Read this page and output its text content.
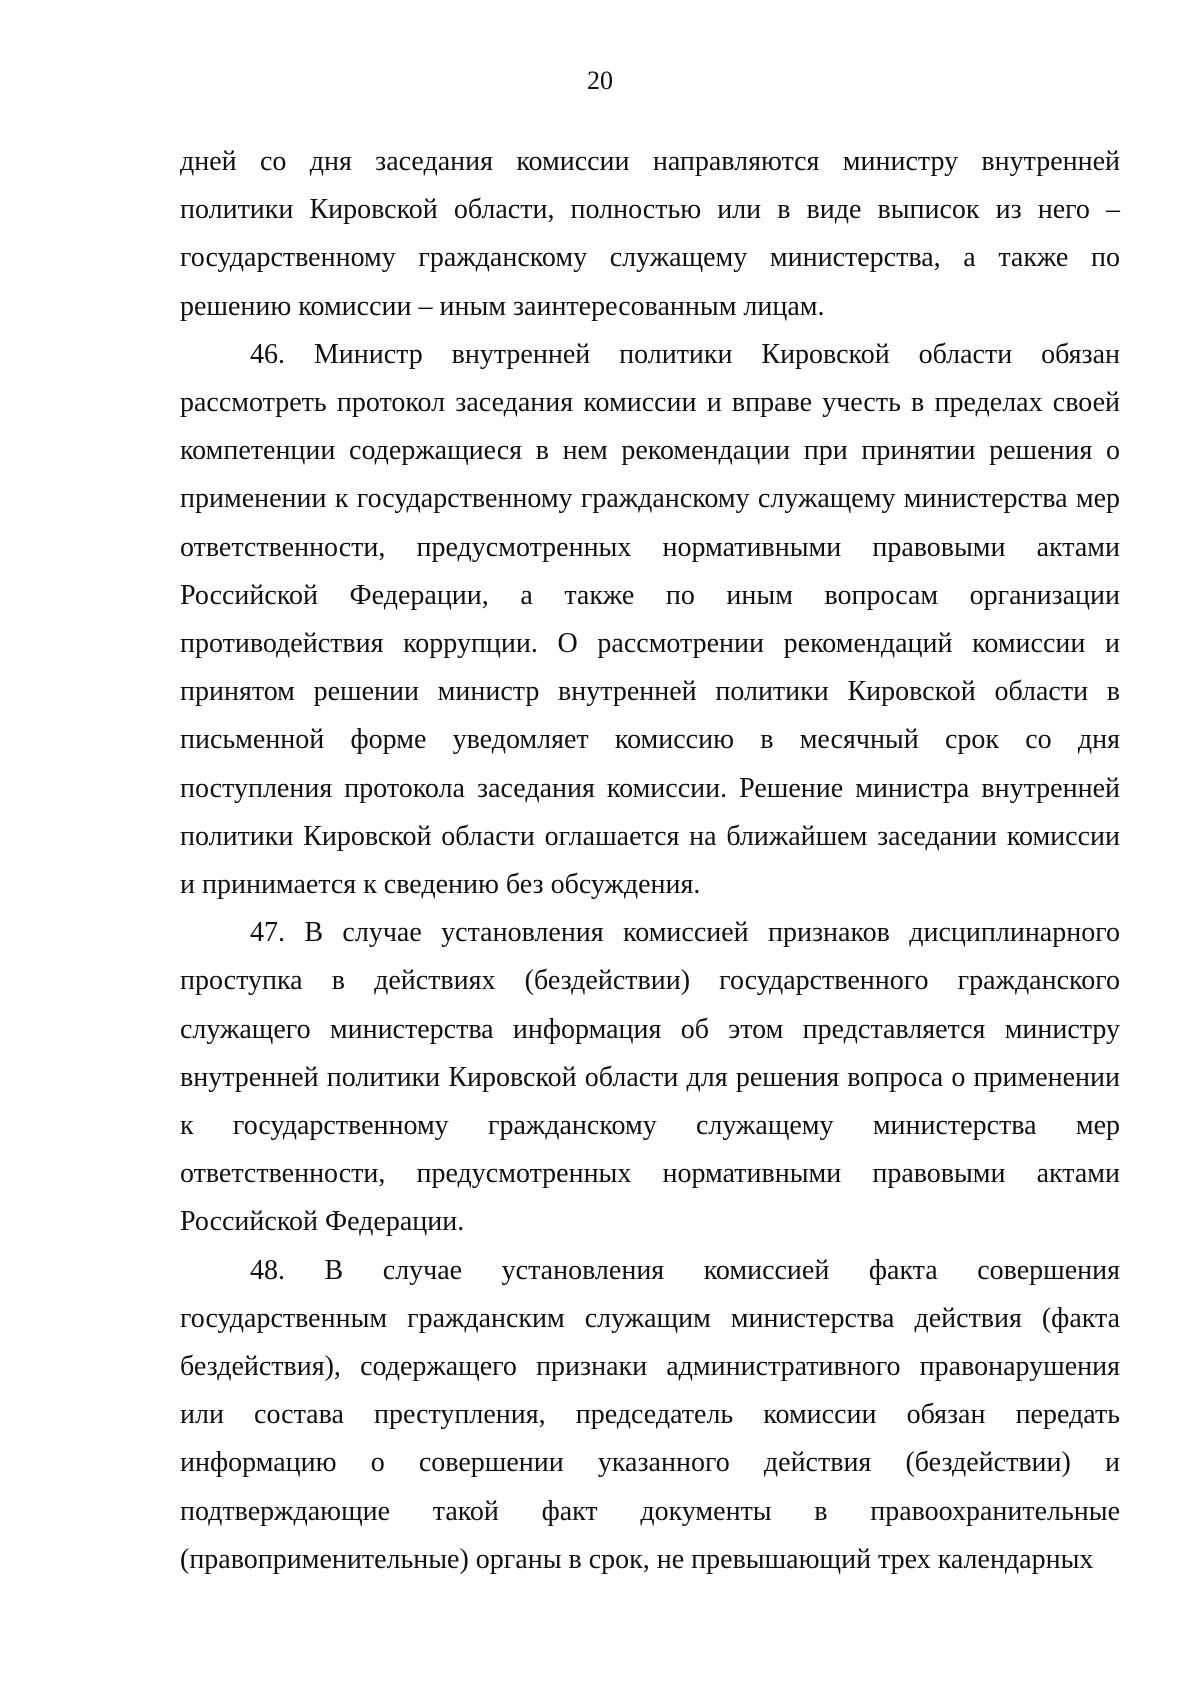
20

дней со дня заседания комиссии направляются министру внутренней политики Кировской области, полностью или в виде выписок из него – государственному гражданскому служащему министерства, а также по решению комиссии – иным заинтересованным лицам.

46. Министр внутренней политики Кировской области обязан рассмотреть протокол заседания комиссии и вправе учесть в пределах своей компетенции содержащиеся в нем рекомендации при принятии решения о применении к государственному гражданскому служащему министерства мер ответственности, предусмотренных нормативными правовыми актами Российской Федерации, а также по иным вопросам организации противодействия коррупции. О рассмотрении рекомендаций комиссии и принятом решении министр внутренней политики Кировской области в письменной форме уведомляет комиссию в месячный срок со дня поступления протокола заседания комиссии. Решение министра внутренней политики Кировской области оглашается на ближайшем заседании комиссии и принимается к сведению без обсуждения.

47. В случае установления комиссией признаков дисциплинарного проступка в действиях (бездействии) государственного гражданского служащего министерства информация об этом представляется министру внутренней политики Кировской области для решения вопроса о применении к государственному гражданскому служащему министерства мер ответственности, предусмотренных нормативными правовыми актами Российской Федерации.

48. В случае установления комиссией факта совершения государственным гражданским служащим министерства действия (факта бездействия), содержащего признаки административного правонарушения или состава преступления, председатель комиссии обязан передать информацию о совершении указанного действия (бездействии) и подтверждающие такой факт документы в правоохранительные (правоприменительные) органы в срок, не превышающий трех календарных
